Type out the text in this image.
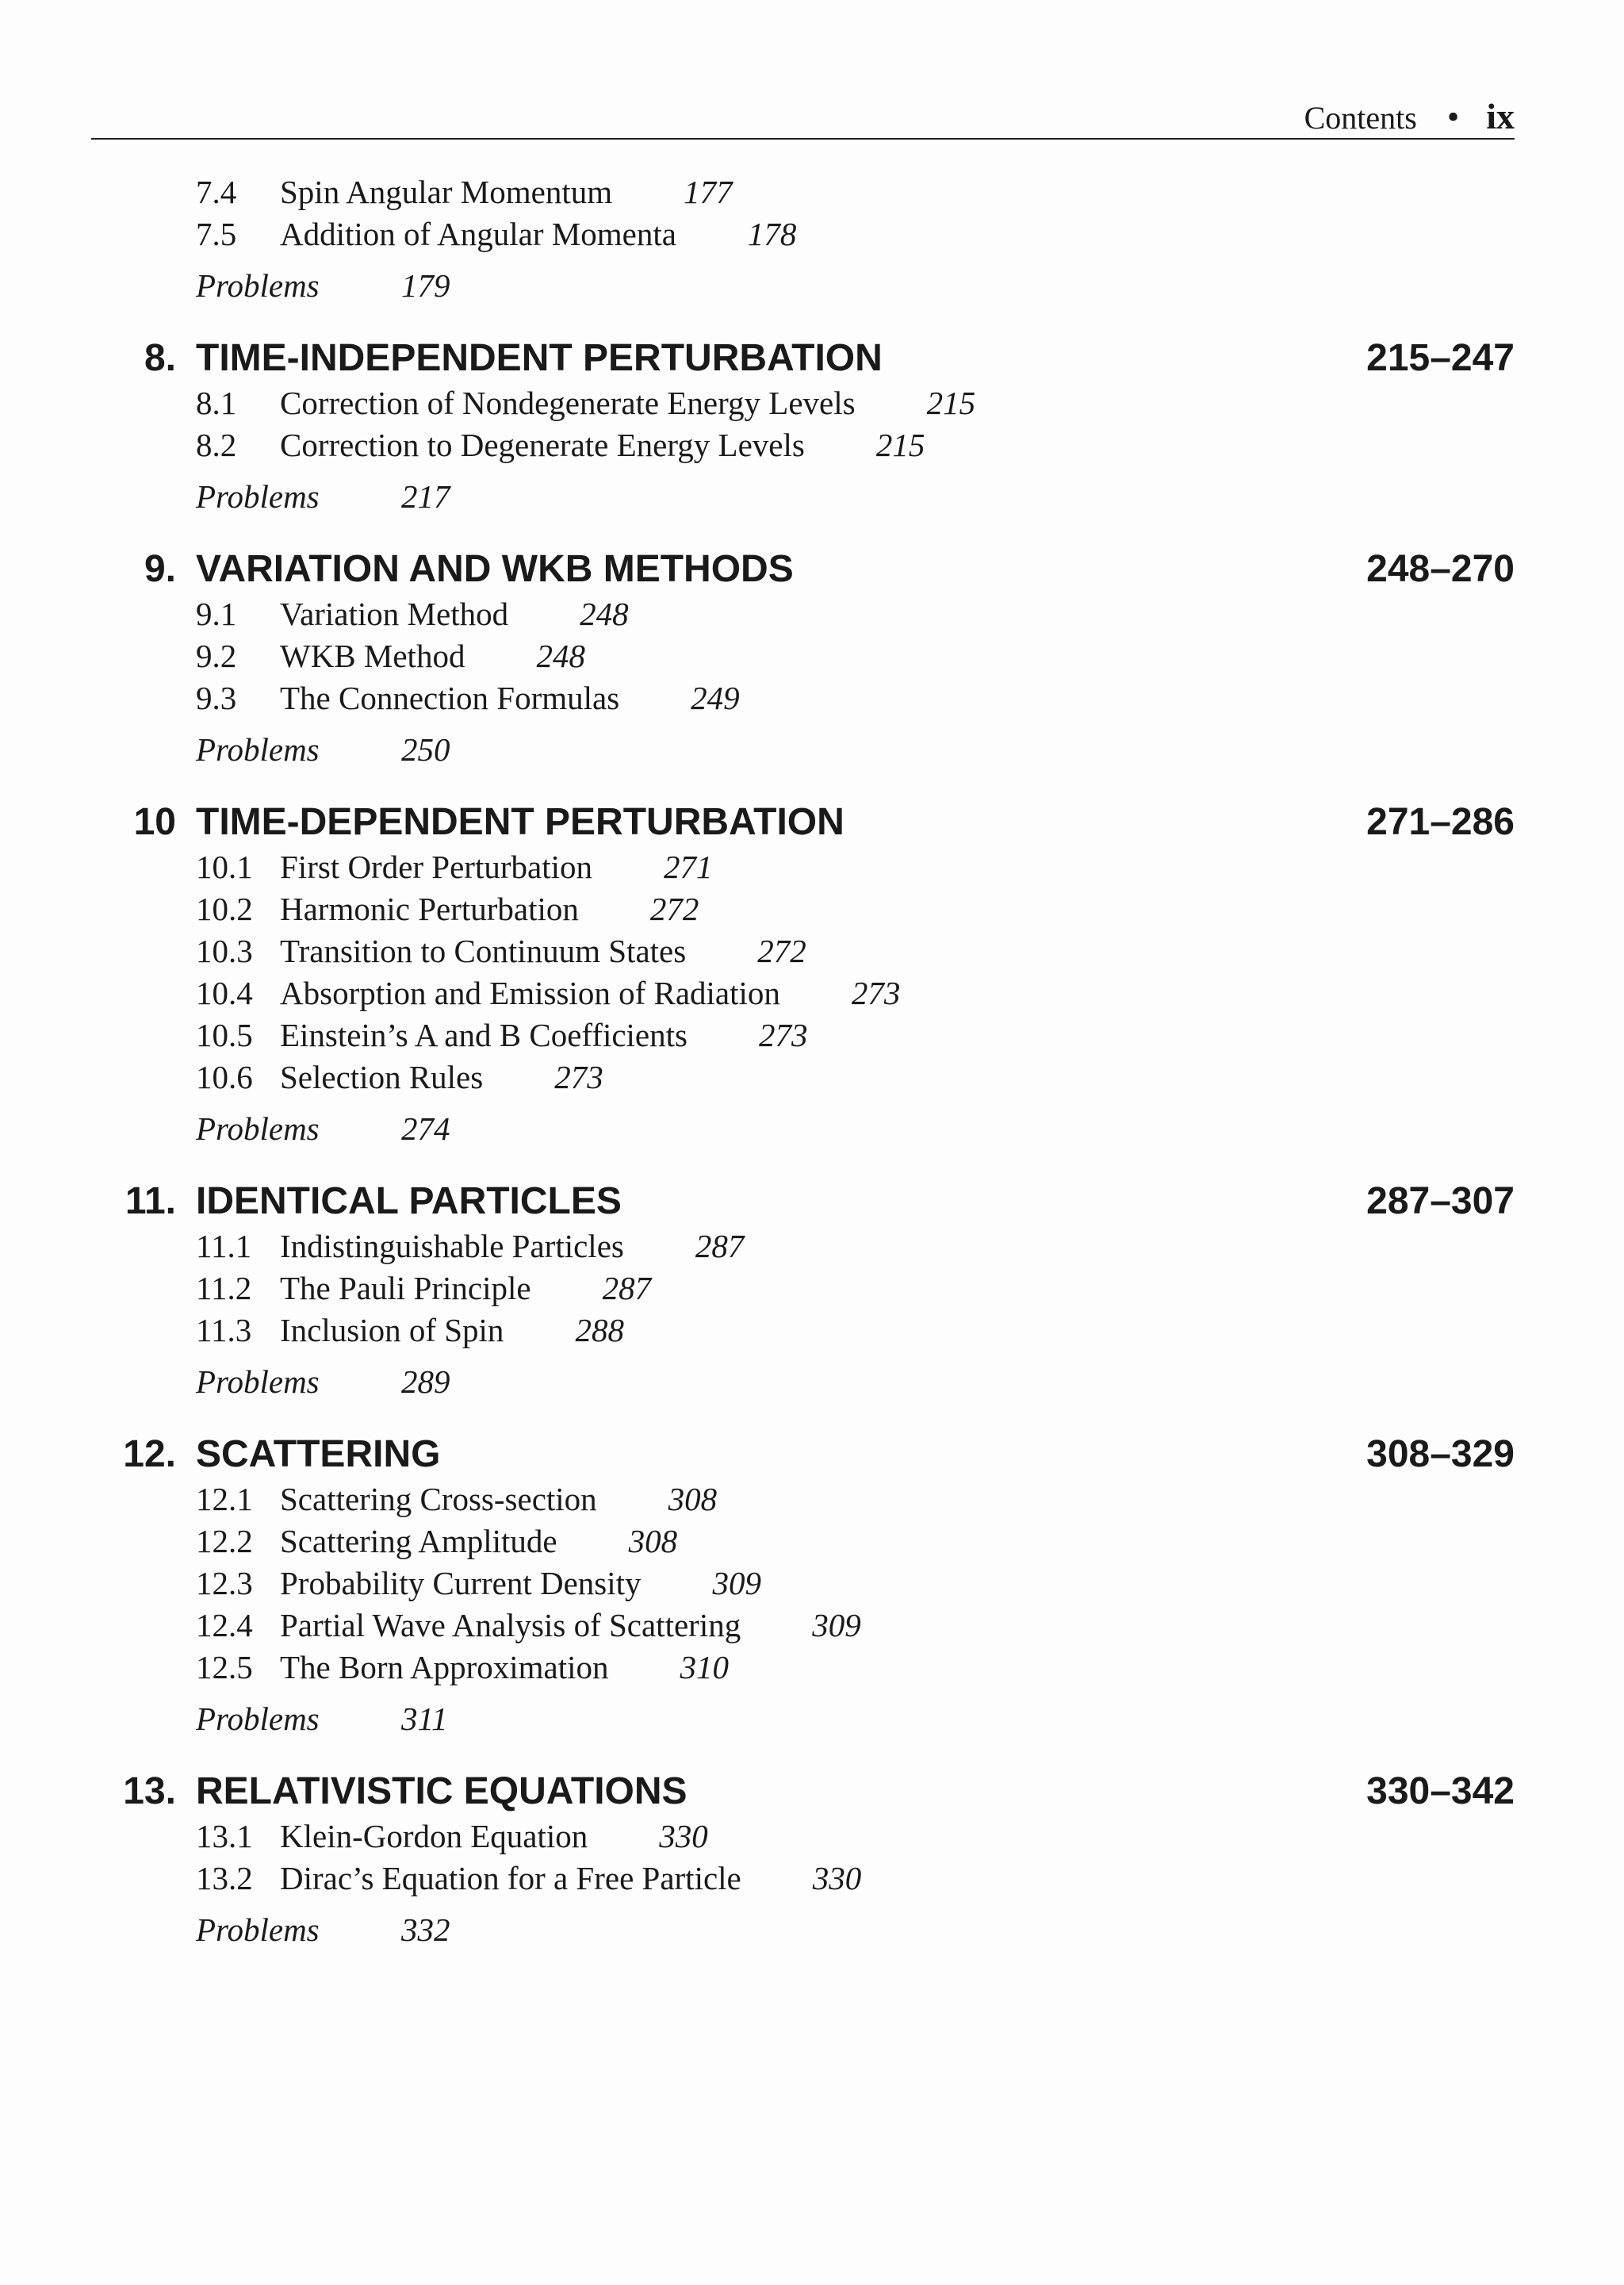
Contents • ix
7.4	Spin Angular Momentum 177
7.5	Addition of Angular Momenta 178
Problems	179
8. TIME-INDEPENDENT PERTURBATION	215–247
8.1	Correction of Nondegenerate Energy Levels 215
8.2	Correction to Degenerate Energy Levels 215
Problems	217
9. VARIATION AND WKB METHODS	248–270
9.1	Variation Method 248
9.2	WKB Method 248
9.3	The Connection Formulas 249
Problems	250
10 TIME-DEPENDENT PERTURBATION	271–286
10.1 First Order Perturbation 271
10.2 Harmonic Perturbation 272
10.3 Transition to Continuum States 272
10.4 Absorption and Emission of Radiation 273
10.5 Einstein’s A and B Coefficients 273
10.6 Selection Rules 273
Problems	274
11. IDENTICAL PARTICLES	287–307
11.1 Indistinguishable Particles 287
11.2 The Pauli Principle 287
11.3 Inclusion of Spin 288
Problems	289
12. SCATTERING	308–329
12.1 Scattering Cross-section 308
12.2 Scattering Amplitude 308
12.3 Probability Current Density 309
12.4 Partial Wave Analysis of Scattering 309
12.5 The Born Approximation 310
Problems	311
13. RELATIVISTIC EQUATIONS	330–342
13.1 Klein-Gordon Equation 330
13.2 Dirac’s Equation for a Free Particle 330
Problems	332
